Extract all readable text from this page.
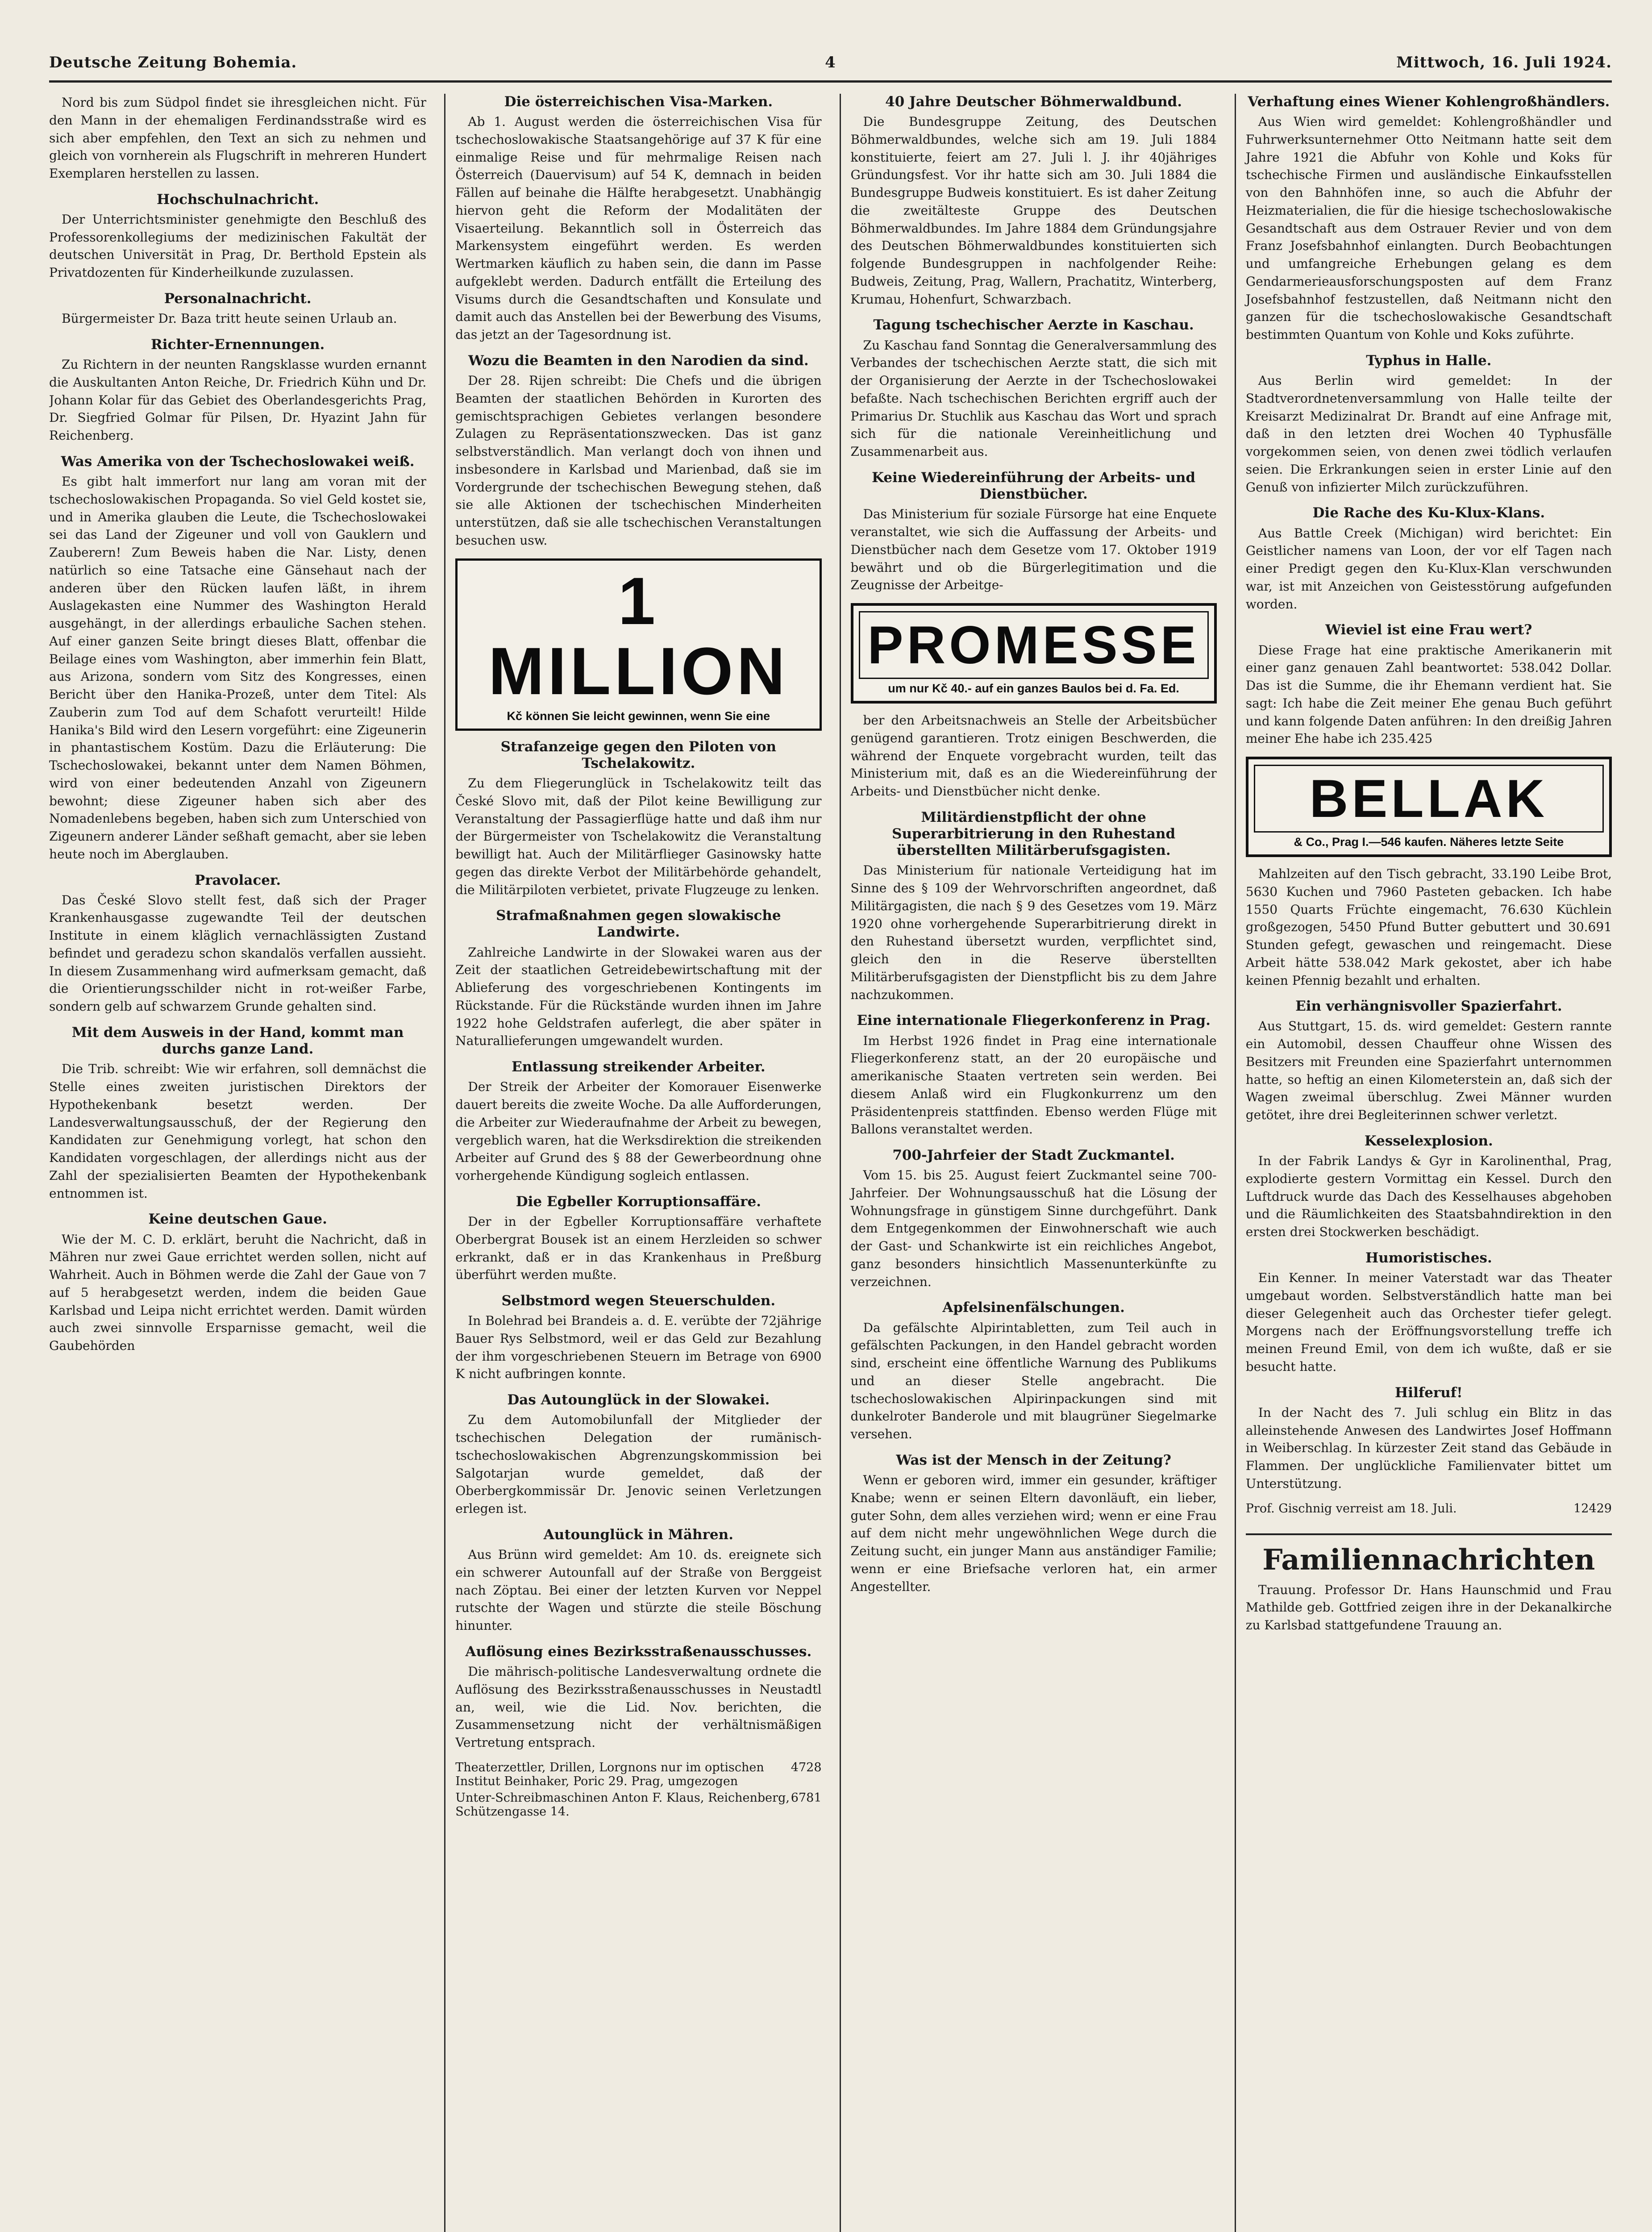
Deutsche Zeitung Bohemia.	4	Mittwoch, 16. Juli 1924.

Nord bis zum Südpol findet sie ihresgleichen nicht. Für den Mann in der ehemaligen Ferdinandsstraße wird es sich aber empfehlen, den Text an sich zu nehmen und gleich von vornherein als Flugschrift in mehreren Hundert Exemplaren herstellen zu lassen.

Hochschulnachricht.

Der Unterrichtsminister genehmigte den Beschluß des Professorenkollegiums der medizinischen Fakultät der deutschen Universität in Prag, Dr. Berthold Epstein als Privatdozenten für Kinderheilkunde zuzulassen.

Personalnachricht.

Bürgermeister Dr. Baza tritt heute seinen Urlaub an.

Richter-Ernennungen.

Zu Richtern in der neunten Rangsklasse wurden ernannt die Auskultanten Anton Reiche, Dr. Friedrich Kühn und Dr. Johann Kolar für das Gebiet des Oberlandesgerichts Prag, Dr. Siegfried Golmar für Pilsen, Dr. Hyazint Jahn für Reichenberg.

Was Amerika von der Tschechoslowakei weiß.

Es gibt halt immerfort nur lang am voran mit der tschechoslowakischen Propaganda. So viel Geld kostet sie, und in Amerika glauben die Leute, die Tschechoslowakei sei das Land der Zigeuner und voll von Gauklern und Zauberern! Zum Beweis haben die Nar. Listy, denen natürlich so eine Tatsache eine Gänsehaut nach der anderen über den Rücken laufen läßt, in ihrem Auslagekasten eine Nummer des Washington Herald ausgehängt, in der allerdings erbauliche Sachen stehen. Auf einer ganzen Seite bringt dieses Blatt, offenbar die Beilage eines vom Washington, aber immerhin fein Blatt, aus Arizona, sondern vom Sitz des Kongresses, einen Bericht über den Hanika-Prozeß, unter dem Titel: Als Zauberin zum Tod auf dem Schafott verurteilt! Hilde Hanika's Bild wird den Lesern vorgeführt: eine Zigeunerin in phantastischem Kostüm. Dazu die Erläuterung: Die Tschechoslowakei, bekannt unter dem Namen Böhmen, wird von einer bedeutenden Anzahl von Zigeunern bewohnt; diese Zigeuner haben sich aber des Nomadenlebens begeben, haben sich zum Unterschied von Zigeunern anderer Länder seßhaft gemacht, aber sie leben heute noch im Aberglauben.

Pravolacer.

Das České Slovo stellt fest, daß sich der Prager Krankenhausgasse zugewandte Teil der deutschen Institute in einem kläglich vernachlässigten Zustand befindet und geradezu schon skandalös verfallen aussieht. In diesem Zusammenhang wird aufmerksam gemacht, daß die Orientierungsschilder nicht in rot-weißer Farbe, sondern gelb auf schwarzem Grunde gehalten sind.

Mit dem Ausweis in der Hand, kommt man durchs ganze Land.

Die Trib. schreibt: Wie wir erfahren, soll demnächst die Stelle eines zweiten juristischen Direktors der Hypothekenbank besetzt werden. Der Landesverwaltungsausschuß, der der Regierung den Kandidaten zur Genehmigung vorlegt, hat schon den Kandidaten vorgeschlagen, der allerdings nicht aus der Zahl der spezialisierten Beamten der Hypothekenbank entnommen ist.

Keine deutschen Gaue.

Wie der M. C. D. erklärt, beruht die Nachricht, daß in Mähren nur zwei Gaue errichtet werden sollen, nicht auf Wahrheit. Auch in Böhmen werde die Zahl der Gaue von 7 auf 5 herabgesetzt werden, indem die beiden Gaue Karlsbad und Leipa nicht errichtet werden. Damit würden auch zwei sinnvolle Ersparnisse gemacht, weil die Gaubehörden

Die österreichischen Visa-Marken.

Ab 1. August werden die österreichischen Visa für tschechoslowakische Staatsangehörige auf 37 K für eine einmalige Reise und für mehrmalige Reisen nach Österreich (Dauervisum) auf 54 K, demnach in beiden Fällen auf beinahe die Hälfte herabgesetzt. Unabhängig hiervon geht die Reform der Modalitäten der Visaerteilung. Bekanntlich soll in Österreich das Markensystem eingeführt werden. Es werden Wertmarken käuflich zu haben sein, die dann im Passe aufgeklebt werden. Dadurch entfällt die Erteilung des Visums durch die Gesandtschaften und Konsulate und damit auch das Anstellen bei der Bewerbung des Visums, das jetzt an der Tagesordnung ist.

Wozu die Beamten in den Narodien da sind.

Der 28. Rijen schreibt: Die Chefs und die übrigen Beamten der staatlichen Behörden in Kurorten des gemischtsprachigen Gebietes verlangen besondere Zulagen zu Repräsentationszwecken. Das ist ganz selbstverständlich. Man verlangt doch von ihnen und insbesondere in Karlsbad und Marienbad, daß sie im Vordergrunde der tschechischen Bewegung stehen, daß sie alle Aktionen der tschechischen Minderheiten unterstützen, daß sie alle tschechischen Veranstaltungen besuchen usw.

1 MILLION
Kč können Sie leicht gewinnen, wenn Sie eine
Strafanzeige gegen den Piloten von Tschelakowitz.

Zu dem Fliegerunglück in Tschelakowitz teilt das České Slovo mit, daß der Pilot keine Bewilligung zur Veranstaltung der Passagierflüge hatte und daß ihm nur der Bürgermeister von Tschelakowitz die Veranstaltung bewilligt hat. Auch der Militärflieger Gasinowsky hatte gegen das direkte Verbot der Militärbehörde gehandelt, die Militärpiloten verbietet, private Flugzeuge zu lenken.

Strafmaßnahmen gegen slowakische Landwirte.

Zahlreiche Landwirte in der Slowakei waren aus der Zeit der staatlichen Getreidebewirtschaftung mit der Ablieferung des vorgeschriebenen Kontingents im Rückstande. Für die Rückstände wurden ihnen im Jahre 1922 hohe Geldstrafen auferlegt, die aber später in Naturallieferungen umgewandelt wurden.

Entlassung streikender Arbeiter.

Der Streik der Arbeiter der Komorauer Eisenwerke dauert bereits die zweite Woche. Da alle Aufforderungen, die Arbeiter zur Wiederaufnahme der Arbeit zu bewegen, vergeblich waren, hat die Werksdirektion die streikenden Arbeiter auf Grund des § 88 der Gewerbeordnung ohne vorhergehende Kündigung sogleich entlassen.

Die Egbeller Korruptionsaffäre.

Der in der Egbeller Korruptionsaffäre verhaftete Oberbergrat Bousek ist an einem Herzleiden so schwer erkrankt, daß er in das Krankenhaus in Preßburg überführt werden mußte.

Selbstmord wegen Steuerschulden.

In Bolehrad bei Brandeis a. d. E. verübte der 72jährige Bauer Rys Selbstmord, weil er das Geld zur Bezahlung der ihm vorgeschriebenen Steuern im Betrage von 6900 K nicht aufbringen konnte.

Das Autounglück in der Slowakei.

Zu dem Automobilunfall der Mitglieder der tschechischen Delegation der rumänisch-tschechoslowakischen Abgrenzungskommission bei Salgotarjan wurde gemeldet, daß der Oberbergkommissär Dr. Jenovic seinen Verletzungen erlegen ist.

Autounglück in Mähren.

Aus Brünn wird gemeldet: Am 10. ds. ereignete sich ein schwerer Autounfall auf der Straße von Berggeist nach Zöptau. Bei einer der letzten Kurven vor Neppel rutschte der Wagen und stürzte die steile Böschung hinunter.

Auflösung eines Bezirksstraßenausschusses.

Die mährisch-politische Landesverwaltung ordnete die Auflösung des Bezirksstraßenausschusses in Neustadtl an, weil, wie die Lid. Nov. berichten, die Zusammensetzung nicht der verhältnismäßigen Vertretung entsprach.

Theaterzettler, Drillen, Lorgnons nur im optischen Institut Beinhaker, Poric 29. Prag, umgezogen
4728
Unter-Schreibmaschinen Anton F. Klaus, Reichenberg, Schützengasse 14.
6781
40 Jahre Deutscher Böhmerwaldbund.

Die Bundesgruppe Zeitung, des Deutschen Böhmerwaldbundes, welche sich am 19. Juli 1884 konstituierte, feiert am 27. Juli l. J. ihr 40jähriges Gründungsfest. Vor ihr hatte sich am 30. Juli 1884 die Bundesgruppe Budweis konstituiert. Es ist daher Zeitung die zweitälteste Gruppe des Deutschen Böhmerwaldbundes. Im Jahre 1884 dem Gründungsjahre des Deutschen Böhmerwaldbundes konstituierten sich folgende Bundesgruppen in nachfolgender Reihe: Budweis, Zeitung, Prag, Wallern, Prachatitz, Winterberg, Krumau, Hohenfurt, Schwarzbach.

Tagung tschechischer Aerzte in Kaschau.

Zu Kaschau fand Sonntag die Generalversammlung des Verbandes der tschechischen Aerzte statt, die sich mit der Organisierung der Aerzte in der Tschechoslowakei befaßte. Nach tschechischen Berichten ergriff auch der Primarius Dr. Stuchlik aus Kaschau das Wort und sprach sich für die nationale Vereinheitlichung und Zusammenarbeit aus.

Keine Wiedereinführung der Arbeits- und Dienstbücher.

Das Ministerium für soziale Fürsorge hat eine Enquete veranstaltet, wie sich die Auffassung der Arbeits- und Dienstbücher nach dem Gesetze vom 17. Oktober 1919 bewährt und ob die Bürgerlegitimation und die Zeugnisse der Arbeitge-

PROMESSE
um nur Kč 40.- auf ein ganzes Baulos bei d. Fa. Ed.

ber den Arbeitsnachweis an Stelle der Arbeitsbücher genügend garantieren. Trotz einigen Beschwerden, die während der Enquete vorgebracht wurden, teilt das Ministerium mit, daß es an die Wiedereinführung der Arbeits- und Dienstbücher nicht denke.

Militärdienstpflicht der ohne Superarbitrierung in den Ruhestand überstellten Militärberufsgagisten.

Das Ministerium für nationale Verteidigung hat im Sinne des § 109 der Wehrvorschriften angeordnet, daß Militärgagisten, die nach § 9 des Gesetzes vom 19. März 1920 ohne vorhergehende Superarbitrierung direkt in den Ruhestand übersetzt wurden, verpflichtet sind, gleich den in die Reserve überstellten Militärberufsgagisten der Dienstpflicht bis zu dem Jahre nachzukommen.

Eine internationale Fliegerkonferenz in Prag.

Im Herbst 1926 findet in Prag eine internationale Fliegerkonferenz statt, an der 20 europäische und amerikanische Staaten vertreten sein werden. Bei diesem Anlaß wird ein Flugkonkurrenz um den Präsidentenpreis stattfinden. Ebenso werden Flüge mit Ballons veranstaltet werden.

700-Jahrfeier der Stadt Zuckmantel.

Vom 15. bis 25. August feiert Zuckmantel seine 700-Jahrfeier. Der Wohnungsausschuß hat die Lösung der Wohnungsfrage in günstigem Sinne durchgeführt. Dank dem Entgegenkommen der Einwohnerschaft wie auch der Gast- und Schankwirte ist ein reichliches Angebot, ganz besonders hinsichtlich Massenunterkünfte zu verzeichnen.

Apfelsinenfälschungen.

Da gefälschte Alpirintabletten, zum Teil auch in gefälschten Packungen, in den Handel gebracht worden sind, erscheint eine öffentliche Warnung des Publikums und an dieser Stelle angebracht. Die tschechoslowakischen Alpirinpackungen sind mit dunkelroter Banderole und mit blaugrüner Siegelmarke versehen.

Was ist der Mensch in der Zeitung?

Wenn er geboren wird, immer ein gesunder, kräftiger Knabe; wenn er seinen Eltern davonläuft, ein lieber, guter Sohn, dem alles verziehen wird; wenn er eine Frau auf dem nicht mehr ungewöhnlichen Wege durch die Zeitung sucht, ein junger Mann aus anständiger Familie; wenn er eine Briefsache verloren hat, ein armer Angestellter.

Verhaftung eines Wiener Kohlengroßhändlers.

Aus Wien wird gemeldet: Kohlengroßhändler und Fuhrwerksunternehmer Otto Neitmann hatte seit dem Jahre 1921 die Abfuhr von Kohle und Koks für tschechische Firmen und ausländische Einkaufsstellen von den Bahnhöfen inne, so auch die Abfuhr der Heizmaterialien, die für die hiesige tschechoslowakische Gesandtschaft aus dem Ostrauer Revier und von dem Franz Josefsbahnhof einlangten. Durch Beobachtungen und umfangreiche Erhebungen gelang es dem Gendarmerieausforschungsposten auf dem Franz Josefsbahnhof festzustellen, daß Neitmann nicht den ganzen für die tschechoslowakische Gesandtschaft bestimmten Quantum von Kohle und Koks zuführte.

Typhus in Halle.

Aus Berlin wird gemeldet: In der Stadtverordnetenversammlung von Halle teilte der Kreisarzt Medizinalrat Dr. Brandt auf eine Anfrage mit, daß in den letzten drei Wochen 40 Typhusfälle vorgekommen seien, von denen zwei tödlich verlaufen seien. Die Erkrankungen seien in erster Linie auf den Genuß von infizierter Milch zurückzuführen.

Die Rache des Ku-Klux-Klans.

Aus Battle Creek (Michigan) wird berichtet: Ein Geistlicher namens van Loon, der vor elf Tagen nach einer Predigt gegen den Ku-Klux-Klan verschwunden war, ist mit Anzeichen von Geistesstörung aufgefunden worden.

Wieviel ist eine Frau wert?

Diese Frage hat eine praktische Amerikanerin mit einer ganz genauen Zahl beantwortet: 538.042 Dollar. Das ist die Summe, die ihr Ehemann verdient hat. Sie sagt: Ich habe die Zeit meiner Ehe genau Buch geführt und kann folgende Daten anführen: In den dreißig Jahren meiner Ehe habe ich 235.425

BELLAK
& Co., Prag I.—546 kaufen. Näheres letzte Seite

Mahlzeiten auf den Tisch gebracht, 33.190 Leibe Brot, 5630 Kuchen und 7960 Pasteten gebacken. Ich habe 1550 Quarts Früchte eingemacht, 76.630 Küchlein großgezogen, 5450 Pfund Butter gebuttert und 30.691 Stunden gefegt, gewaschen und reingemacht. Diese Arbeit hätte 538.042 Mark gekostet, aber ich habe keinen Pfennig bezahlt und erhalten.

Ein verhängnisvoller Spazierfahrt.

Aus Stuttgart, 15. ds. wird gemeldet: Gestern rannte ein Automobil, dessen Chauffeur ohne Wissen des Besitzers mit Freunden eine Spazierfahrt unternommen hatte, so heftig an einen Kilometerstein an, daß sich der Wagen zweimal überschlug. Zwei Männer wurden getötet, ihre drei Begleiterinnen schwer verletzt.

Kesselexplosion.

In der Fabrik Landys & Gyr in Karolinenthal, Prag, explodierte gestern Vormittag ein Kessel. Durch den Luftdruck wurde das Dach des Kesselhauses abgehoben und die Räumlichkeiten des Staatsbahndirektion in den ersten drei Stockwerken beschädigt.

Humoristisches.

Ein Kenner. In meiner Vaterstadt war das Theater umgebaut worden. Selbstverständlich hatte man bei dieser Gelegenheit auch das Orchester tiefer gelegt. Morgens nach der Eröffnungsvorstellung treffe ich meinen Freund Emil, von dem ich wußte, daß er sie besucht hatte.

Hilferuf!

In der Nacht des 7. Juli schlug ein Blitz in das alleinstehende Anwesen des Landwirtes Josef Hoffmann in Weiberschlag. In kürzester Zeit stand das Gebäude in Flammen. Der unglückliche Familienvater bittet um Unterstützung.

Prof. Gischnig verreist am 18. Juli.	12429
Familiennachrichten

Trauung. Professor Dr. Hans Haunschmid und Frau Mathilde geb. Gottfried zeigen ihre in der Dekanalkirche zu Karlsbad stattgefundene Trauung an.
